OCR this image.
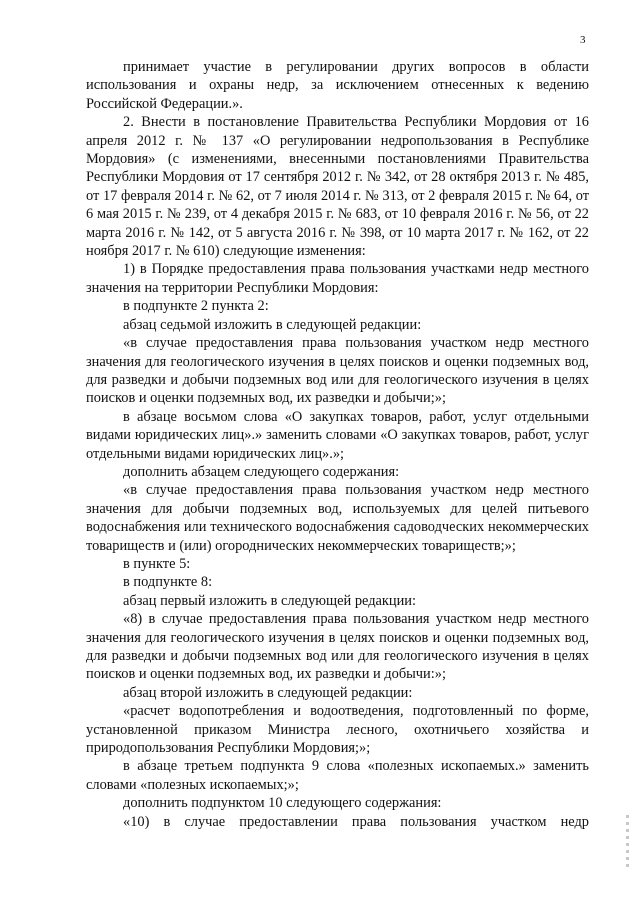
3

принимает участие в регулировании других вопросов в области использования и охраны недр, за исключением отнесенных к ведению Российской Федерации.».

2. Внести в постановление Правительства Республики Мордовия от 16 апреля 2012 г. № 137 «О регулировании недропользования в Республике Мордовия» (с изменениями, внесенными постановлениями Правительства Республики Мордовия от 17 сентября 2012 г. № 342, от 28 октября 2013 г. № 485, от 17 февраля 2014 г. № 62, от 7 июля 2014 г. № 313, от 2 февраля 2015 г. № 64, от 6 мая 2015 г. № 239, от 4 декабря 2015 г. № 683, от 10 февраля 2016 г. № 56, от 22 марта 2016 г. № 142, от 5 августа 2016 г. № 398, от 10 марта 2017 г. № 162, от 22 ноября 2017 г. № 610) следующие изменения:

1) в Порядке предоставления права пользования участками недр местного значения на территории Республики Мордовия:

в подпункте 2 пункта 2:

абзац седьмой изложить в следующей редакции:

«в случае предоставления права пользования участком недр местного значения для геологического изучения в целях поисков и оценки подземных вод, для разведки и добычи подземных вод или для геологического изучения в целях поисков и оценки подземных вод, их разведки и добычи;»;

в абзаце восьмом слова «О закупках товаров, работ, услуг отдельными видами юридических лиц».» заменить словами «О закупках товаров, работ, услуг отдельными видами юридических лиц».»;

дополнить абзацем следующего содержания:

«в случае предоставления права пользования участком недр местного значения для добычи подземных вод, используемых для целей питьевого водоснабжения или технического водоснабжения садоводческих некоммерческих товариществ и (или) огороднических некоммерческих товариществ;»;

в пункте 5:

в подпункте 8:

абзац первый изложить в следующей редакции:

«8) в случае предоставления права пользования участком недр местного значения для геологического изучения в целях поисков и оценки подземных вод, для разведки и добычи подземных вод или для геологического изучения в целях поисков и оценки подземных вод, их разведки и добычи:»;

абзац второй изложить в следующей редакции:

«расчет водопотребления и водоотведения, подготовленный по форме, установленной приказом Министра лесного, охотничьего хозяйства и природопользования Республики Мордовия;»;

в абзаце третьем подпункта 9 слова «полезных ископаемых.» заменить словами «полезных ископаемых;»;

дополнить подпунктом 10 следующего содержания:

«10) в случае предоставлении права пользования участком недр
